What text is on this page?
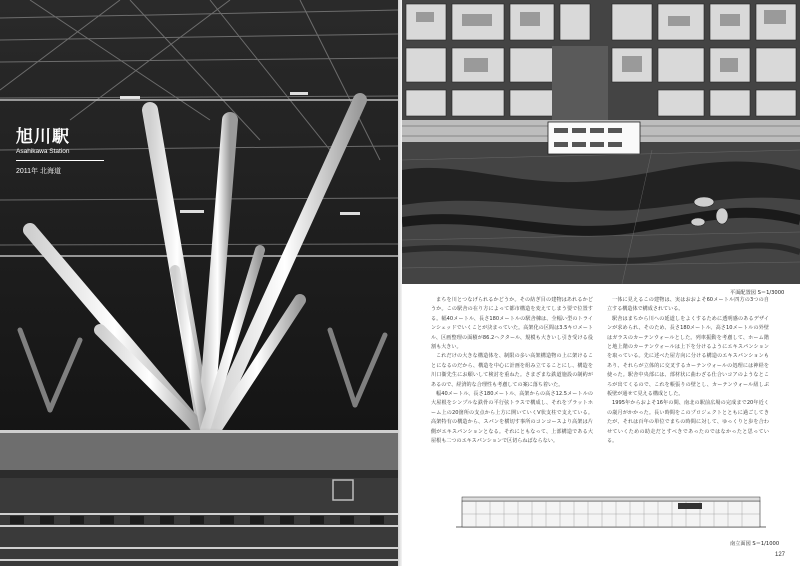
旭川駅
Asahikawa Station
2011年 北海道
平面配置図 S＝1/3000

まちを川とつなげられるかどうか。その紡ぎ目の建物はあれるかどうか。この駅舎の在り方によって都市構造を変えてしまう要で位置する。幅40メートル、長さ180メートルの駅舎棟は、全幅い型のトラインシェッドでいくことが決まっていた。高架化の区間は3.5キロメートル、区画整理の面積が86.2ヘクタール、規模も大きいし引き受ける役割も大きい。

これだけの大きな構造体を、制限の多い高架構造物の上に架けることになるのだから、構造を中心に計画を組み立てることにし、構造を川口衞先生にお願いして検討を重ねた。さまざまな鉄道施設の制約があるので、経済的な合理性も考慮しての案に落ち着いた。

幅40メートル、長さ180メートル、高架からの高さ12.5メートルの大屋根をシンプルな鉄骨の平行弦トラスで構成し、それをプラットホーム上の20箇所の支点から上方に開いていくV状支柱で支えている。高架特有の構造から、スパンを横切す事所のコンコースより高架は片側がエキスパンションとなる。それにともなって、上部構造である大屋根も二つのエキスパンションで区切らねばならない。

一体に見えるこの建物は、実はおおよそ60メートル四方の3つの自立する構造体で構成されている。

駅舎はまちから川への延道しをよくするために透明感のあるデザインが求められ、そのため、長さ180メートル、高さ10メートルの外壁はガラスのカーテンウォールとした。列車振動を考慮して、ホーム階と地上階のカーテンウォールは上下を分けるようにエキスパンションを取っている。先に述べた屋方向に分ける構造のエキスパンションもあり、それらが立体的に交叉するカーテンウォールの処理には神経を使った。駅舎中央部には、部材状に曲わざる仕合いコアのようなところが出てくるので、これを帳張りの壁とし、カーテンウォール紐しぶ板壁が通せて見える構成とした。

1995年からおよそ16年の間、南北の駅前広場の完成まで20年近くの歳月がかかった。長い時間をこのプロジェクトとともに過ごしてきたが、それは百年の単位でまちの時間に対して、ゆっくりと歩を合わせていくための助走だとすべきであったのではなかったと思っている。

南立面図 S＝1/1000
127
